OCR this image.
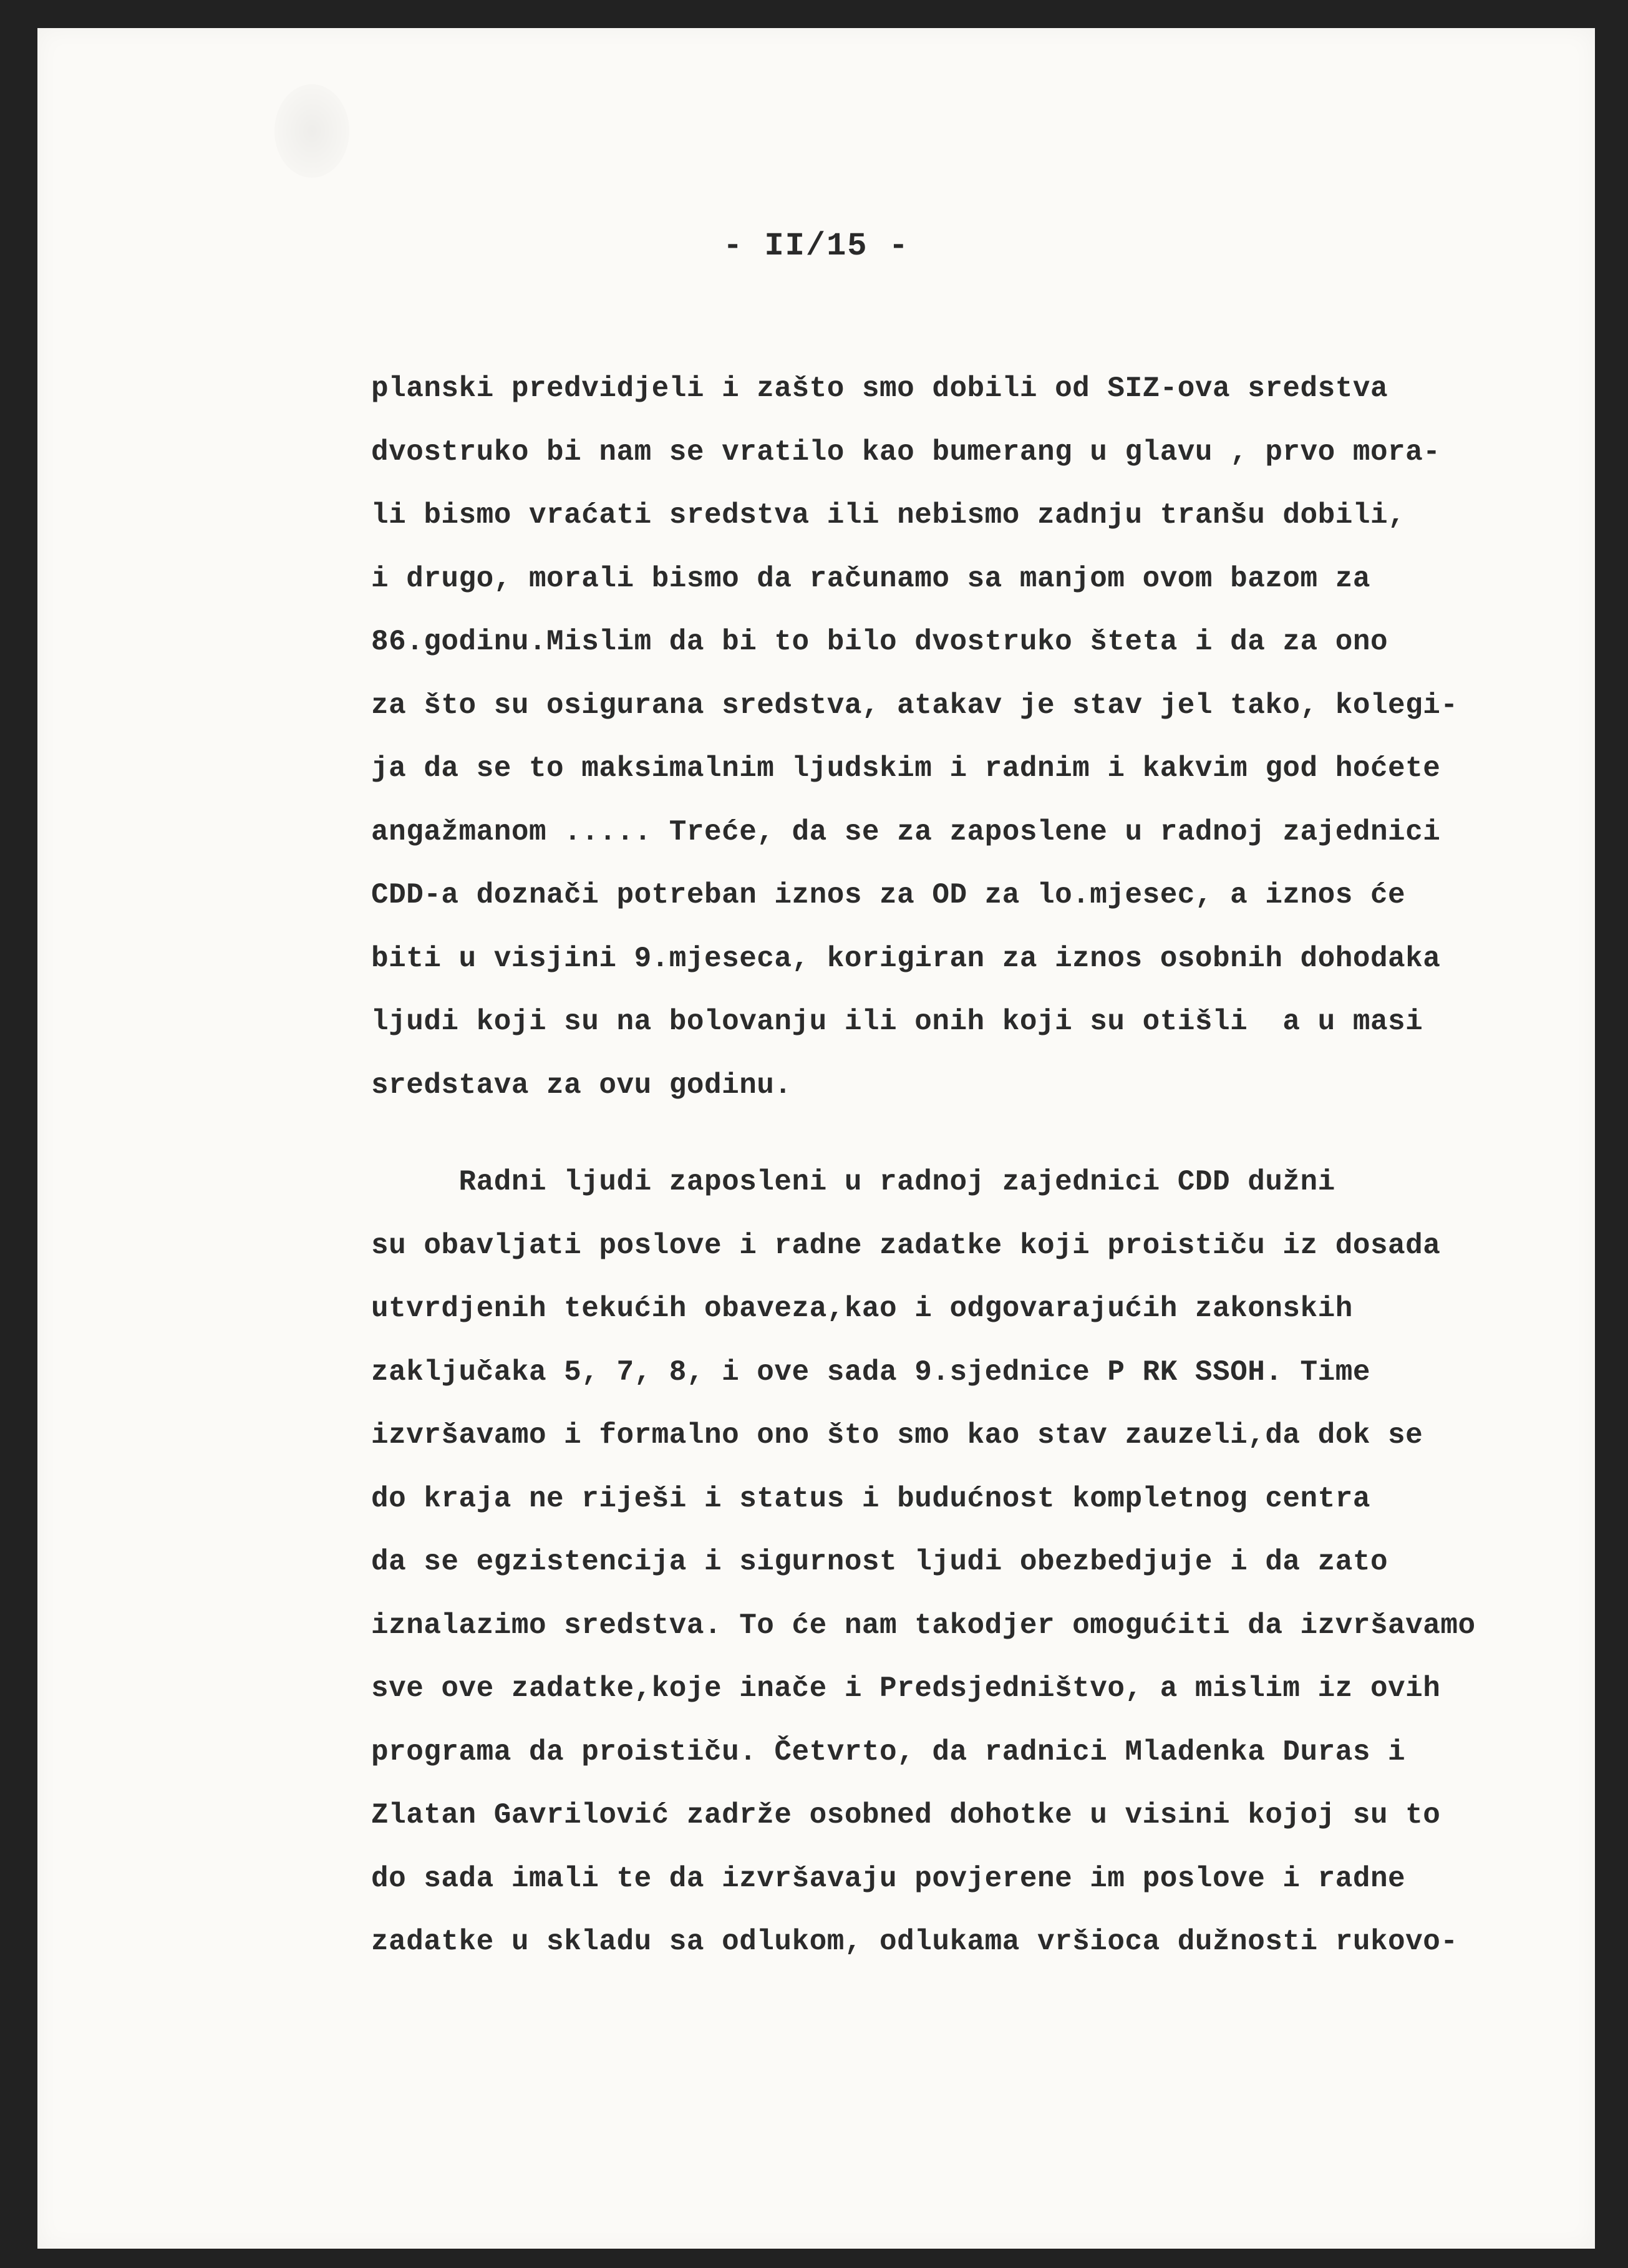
- II/15 -
planski predvidjeli i zašto smo dobili od SIZ-ova sredstva
dvostruko bi nam se vratilo kao bumerang u glavu , prvo mora-
li bismo vraćati sredstva ili nebismo zadnju tranšu dobili,
i drugo, morali bismo da računamo sa manjom ovom bazom za
86.godinu.Mislim da bi to bilo dvostruko šteta i da za ono
za što su osigurana sredstva, atakav je stav jel tako, kolegi-
ja da se to maksimalnim ljudskim i radnim i kakvim god hoćete
angažmanom ..... Treće, da se za zaposlene u radnoj zajednici
CDD-a doznači potreban iznos za OD za lo.mjesec, a iznos će
biti u visjini 9.mjeseca, korigiran za iznos osobnih dohodaka
ljudi koji su na bolovanju ili onih koji su otišli  a u masi
sredstava za ovu godinu.
Radni ljudi zaposleni u radnoj zajednici CDD dužni
su obavljati poslove i radne zadatke koji proističu iz dosada
utvrdjenih tekućih obaveza,kao i odgovarajućih zakonskih
zaključaka 5, 7, 8, i ove sada 9.sjednice P RK SSOH. Time
izvršavamo i formalno ono što smo kao stav zauzeli,da dok se
do kraja ne riješi i status i budućnost kompletnog centra
da se egzistencija i sigurnost ljudi obezbedjuje i da zato
iznalazimo sredstva. To će nam takodjer omogućiti da izvršavamo
sve ove zadatke,koje inače i Predsjedništvo, a mislim iz ovih
programa da proističu. Četvrto, da radnici Mladenka Duras i
Zlatan Gavrilović zadrže osobned dohotke u visini kojoj su to
do sada imali te da izvršavaju povjerene im poslove i radne
zadatke u skladu sa odlukom, odlukama vršioca dužnosti rukovo-
